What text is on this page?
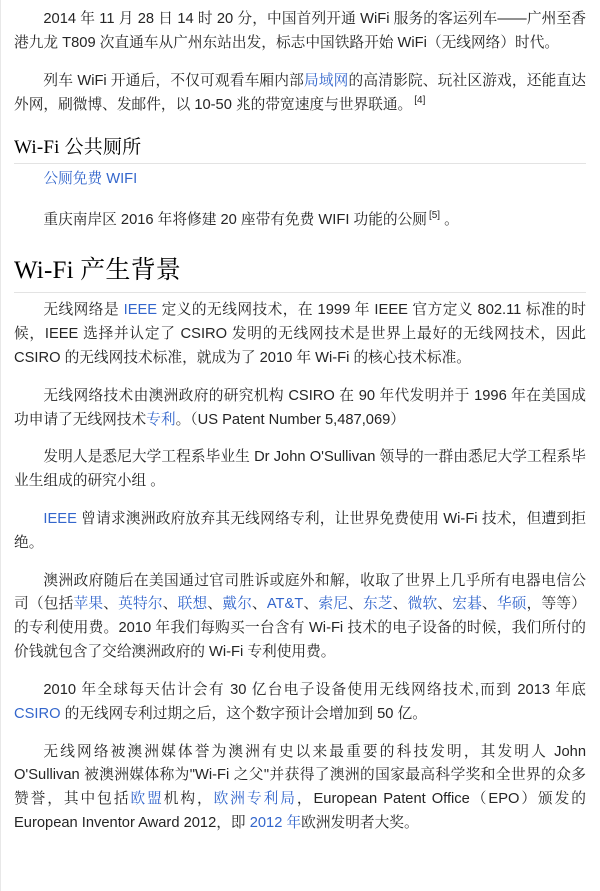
2014 年 11 月 28 日 14 时 20 分，中国首列开通 WiFi 服务的客运列车——广州至香港九龙 T809 次直通车从广州东站出发，标志中国铁路开始 WiFi（无线网络）时代。

列车 WiFi 开通后，不仅可观看车厢内部局域网的高清影院、玩社区游戏，还能直达外网，刷微博、发邮件，以 10-50 兆的带宽速度与世界联通。 [4]

Wi-Fi 公共厕所
公厕免费 WIFI

重庆南岸区 2016 年将修建 20 座带有免费 WIFI 功能的公厕 [5] 。

Wi-Fi 产生背景

无线网络是 IEEE 定义的无线网技术，在 1999 年 IEEE 官方定义 802.11 标准的时候，IEEE 选择并认定了 CSIRO 发明的无线网技术是世界上最好的无线网技术，因此 CSIRO 的无线网技术标准，就成为了 2010 年 Wi-Fi 的核心技术标准。

无线网络技术由澳洲政府的研究机构 CSIRO 在 90 年代发明并于 1996 年在美国成功申请了无线网技术专利。（US Patent Number 5,487,069）

发明人是悉尼大学工程系毕业生 Dr John O'Sullivan 领导的一群由悉尼大学工程系毕业生组成的研究小组 。

IEEE 曾请求澳洲政府放弃其无线网络专利，让世界免费使用 Wi-Fi 技术，但遭到拒绝。

澳洲政府随后在美国通过官司胜诉或庭外和解，收取了世界上几乎所有电器电信公司（包括苹果、英特尔、联想、戴尔、AT&T、索尼、东芝、微软、宏碁、华硕，等等）的专利使用费。2010 年我们每购买一台含有 Wi-Fi 技术的电子设备的时候，我们所付的价钱就包含了交给澳洲政府的 Wi-Fi 专利使用费。

2010 年全球每天估计会有 30 亿台电子设备使用无线网络技术,而到 2013 年底 CSIRO 的无线网专利过期之后，这个数字预计会增加到 50 亿。

无线网络被澳洲媒体誉为澳洲有史以来最重要的科技发明，其发明人 John O'Sullivan 被澳洲媒体称为"Wi-Fi 之父"并获得了澳洲的国家最高科学奖和全世界的众多赞誉，其中包括欧盟机构，欧洲专利局，European Patent Office（EPO）颁发的 European Inventor Award 2012，即 2012 年欧洲发明者大奖。
